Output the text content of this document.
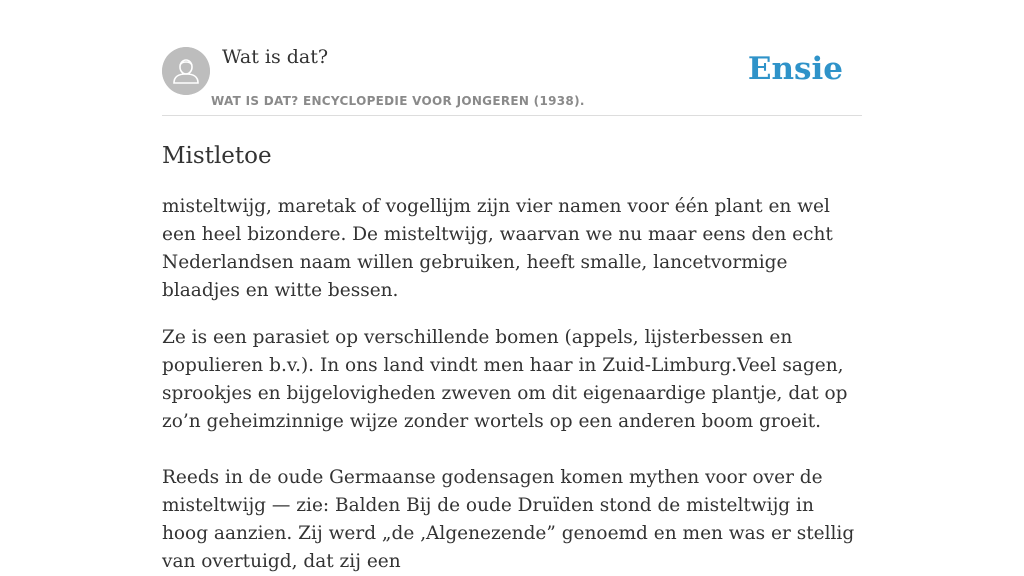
Wat is dat?
WAT IS DAT? ENCYCLOPEDIE VOOR JONGEREN (1938).
Ensie
Mistletoe

misteltwijg, maretak of vogellijm zijn vier namen voor één plant en wel een heel bizondere. De misteltwijg, waarvan we nu maar eens den echt Nederlandsen naam willen gebruiken, heeft smalle, lancetvormige blaadjes en witte bessen.

Ze is een parasiet op verschillende bomen (appels, lijsterbessen en populieren b.v.). In ons land vindt men haar in Zuid-Limburg.Veel sagen, sprookjes en bijgelovigheden zweven om dit eigenaardige plantje, dat op zo’n geheimzinnige wijze zonder wortels op een anderen boom groeit.

Reeds in de oude Germaanse godensagen komen mythen voor over de misteltwijg — zie: Balden Bij de oude Druïden stond de misteltwijg in hoog aanzien. Zij werd „de ‚Algenezende” genoemd en men was er stellig van overtuigd, dat zij een
